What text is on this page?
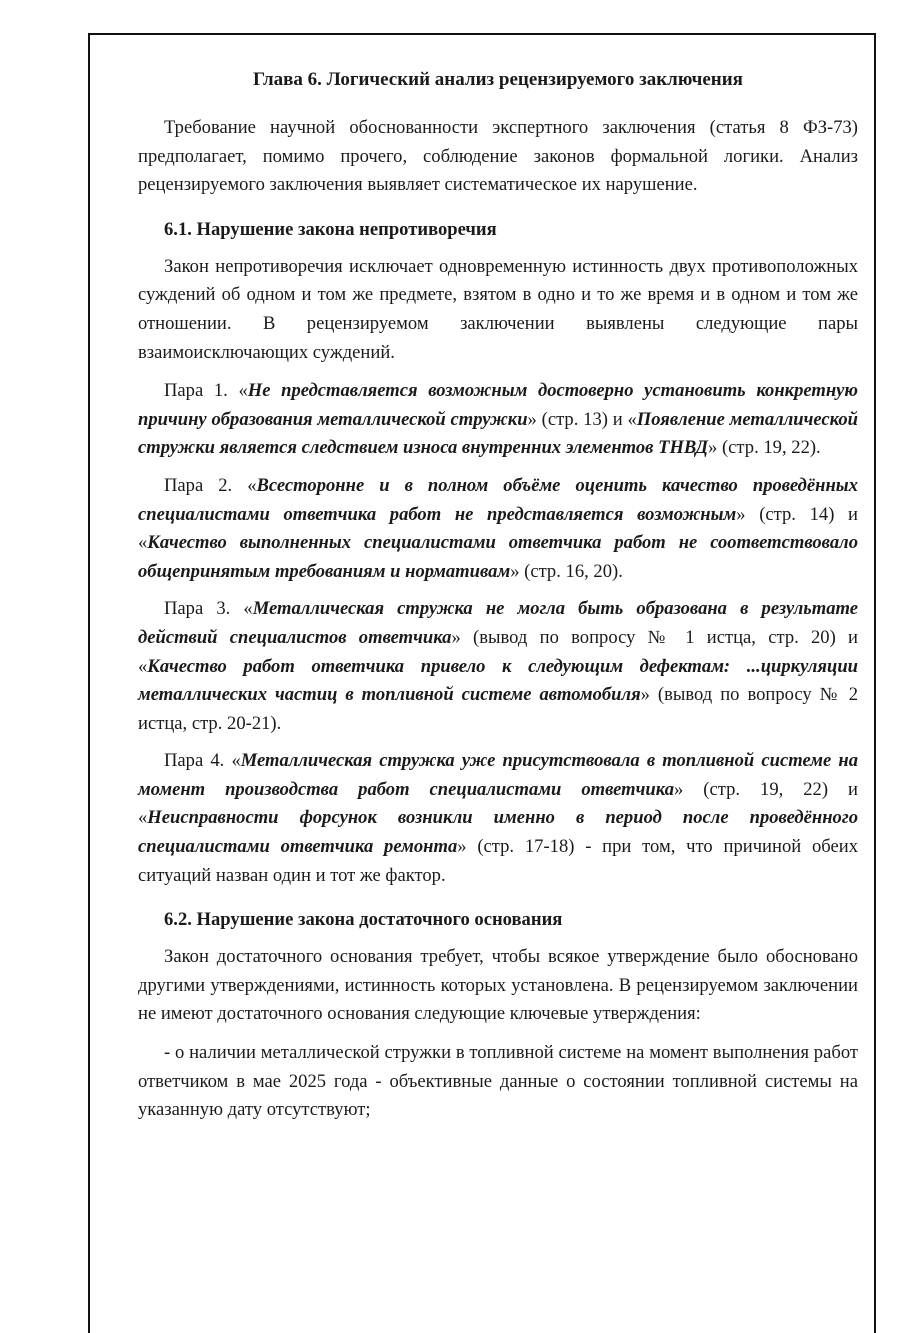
Глава 6. Логический анализ рецензируемого заключения

Требование научной обоснованности экспертного заключения (статья 8 ФЗ-73) предполагает, помимо прочего, соблюдение законов формальной логики. Анализ рецензируемого заключения выявляет систематическое их нарушение.

6.1. Нарушение закона непротиворечия

Закон непротиворечия исключает одновременную истинность двух противоположных суждений об одном и том же предмете, взятом в одно и то же время и в одном и том же отношении. В рецензируемом заключении выявлены следующие пары взаимоисключающих суждений.

Пара 1. «Не представляется возможным достоверно установить конкретную причину образования металлической стружки» (стр. 13) и «Появление металлической стружки является следствием износа внутренних элементов ТНВД» (стр. 19, 22).

Пара 2. «Всесторонне и в полном объёме оценить качество проведённых специалистами ответчика работ не представляется возможным» (стр. 14) и «Качество выполненных специалистами ответчика работ не соответствовало общепринятым требованиям и нормативам» (стр. 16, 20).

Пара 3. «Металлическая стружка не могла быть образована в результате действий специалистов ответчика» (вывод по вопросу № 1 истца, стр. 20) и «Качество работ ответчика привело к следующим дефектам: ...циркуляции металлических частиц в топливной системе автомобиля» (вывод по вопросу № 2 истца, стр. 20-21).

Пара 4. «Металлическая стружка уже присутствовала в топливной системе на момент производства работ специалистами ответчика» (стр. 19, 22) и «Неисправности форсунок возникли именно в период после проведённого специалистами ответчика ремонта» (стр. 17-18) - при том, что причиной обеих ситуаций назван один и тот же фактор.

6.2. Нарушение закона достаточного основания

Закон достаточного основания требует, чтобы всякое утверждение было обосновано другими утверждениями, истинность которых установлена. В рецензируемом заключении не имеют достаточного основания следующие ключевые утверждения:

- о наличии металлической стружки в топливной системе на момент выполнения работ ответчиком в мае 2025 года - объективные данные о состоянии топливной системы на указанную дату отсутствуют;
